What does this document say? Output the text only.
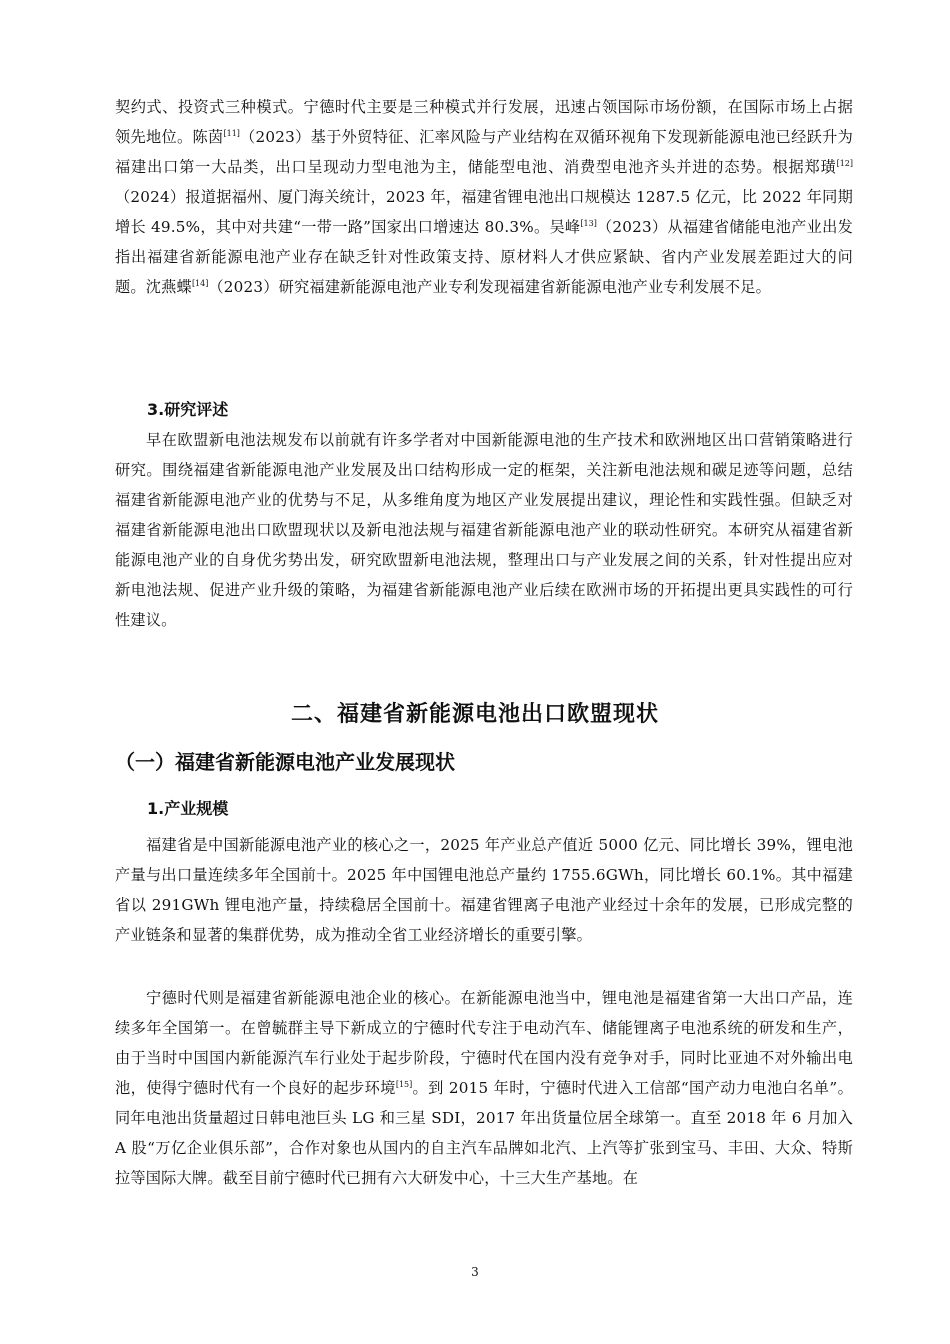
契约式、投资式三种模式。宁德时代主要是三种模式并行发展，迅速占领国际市场份额，在国际市场上占据领先地位。陈茵[11]（2023）基于外贸特征、汇率风险与产业结构在双循环视角下发现新能源电池已经跃升为福建出口第一大品类，出口呈现动力型电池为主，储能型电池、消费型电池齐头并进的态势。根据郑璜[12]（2024）报道据福州、厦门海关统计，2023 年，福建省锂电池出口规模达 1287.5 亿元，比 2022 年同期增长 49.5%，其中对共建“一带一路”国家出口增速达 80.3%。吴峰[13]（2023）从福建省储能电池产业出发指出福建省新能源电池产业存在缺乏针对性政策支持、原材料人才供应紧缺、省内产业发展差距过大的问题。沈燕蝶[14]（2023）研究福建新能源电池产业专利发现福建省新能源电池产业专利发展不足。

3.研究评述

早在欧盟新电池法规发布以前就有许多学者对中国新能源电池的生产技术和欧洲地区出口营销策略进行研究。围绕福建省新能源电池产业发展及出口结构形成一定的框架，关注新电池法规和碳足迹等问题，总结福建省新能源电池产业的优势与不足，从多维角度为地区产业发展提出建议，理论性和实践性强。但缺乏对福建省新能源电池出口欧盟现状以及新电池法规与福建省新能源电池产业的联动性研究。本研究从福建省新能源电池产业的自身优劣势出发，研究欧盟新电池法规，整理出口与产业发展之间的关系，针对性提出应对新电池法规、促进产业升级的策略，为福建省新能源电池产业后续在欧洲市场的开拓提出更具实践性的可行性建议。

二、福建省新能源电池出口欧盟现状
（一）福建省新能源电池产业发展现状
1.产业规模

福建省是中国新能源电池产业的核心之一，2025 年产业总产值近 5000 亿元、同比增长 39%，锂电池产量与出口量连续多年全国前十。2025 年中国锂电池总产量约 1755.6GWh，同比增长 60.1%。其中福建省以 291GWh 锂电池产量，持续稳居全国前十。福建省锂离子电池产业经过十余年的发展，已形成完整的产业链条和显著的集群优势，成为推动全省工业经济增长的重要引擎。

宁德时代则是福建省新能源电池企业的核心。在新能源电池当中，锂电池是福建省第一大出口产品，连续多年全国第一。在曾毓群主导下新成立的宁德时代专注于电动汽车、储能锂离子电池系统的研发和生产，由于当时中国国内新能源汽车行业处于起步阶段，宁德时代在国内没有竞争对手，同时比亚迪不对外输出电池，使得宁德时代有一个良好的起步环境[15]。到 2015 年时，宁德时代进入工信部“国产动力电池白名单”。同年电池出货量超过日韩电池巨头 LG 和三星 SDI，2017 年出货量位居全球第一。直至 2018 年 6 月加入 A 股“万亿企业俱乐部”，合作对象也从国内的自主汽车品牌如北汽、上汽等扩张到宝马、丰田、大众、特斯拉等国际大牌。截至目前宁德时代已拥有六大研发中心，十三大生产基地。在

3
